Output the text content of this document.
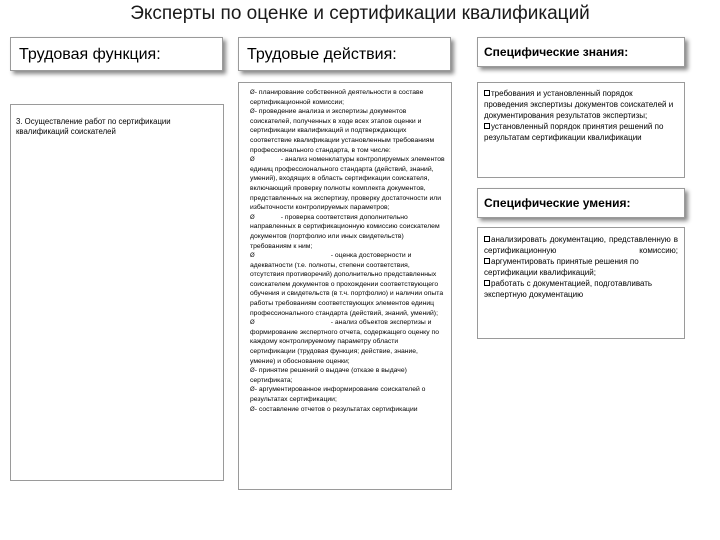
Эксперты по оценке и сертификации квалификаций
Трудовая функция:	Трудовые действия:	Специфические знания:
Специфические умения:
3. Осуществление работ по сертификации квалификаций соискателей

Ø- планирование собственной деятельности в составе сертификационной комиссии;

Ø- проведение анализа и экспертизы документов соискателей, полученных в ходе всех этапов оценки и сертификации квалификаций и подтверждающих соответствие квалификации установленным требованиям профессионального стандарта, в том числе:

Ø	- анализ номенклатуры контролируемых элементов единиц профессионального стандарта (действий, знаний, умений), входящих в область сертификации соискателя, включающий проверку полноты комплекта документов, представленных на экспертизу, проверку достаточности или избыточности контролируемых параметров;

Ø	- проверка соответствия дополнительно направленных в сертификационную комиссию соискателем документов (портфолио или иных свидетельств) требованиям к ним;

Ø	- оценка достоверности и адекватности (т.е. полноты, степени соответствия, отсутствия противоречий) дополнительно представленных соискателем документов о прохождении соответствующего обучения и свидетельств (в т.ч. портфолио) и наличии опыта работы требованиям соответствующих элементов единиц профессионального стандарта (действий, знаний, умений);

Ø	- анализ объектов экспертизы и формирование экспертного отчета, содержащего оценку по каждому контролируемому параметру области сертификации (трудовая функция; действие, знание, умение) и обоснование оценки;

Ø- принятие решений о выдаче (отказе в выдаче) сертификата;

Ø- аргументированное информирование соискателей о результатах сертификации;

Ø- составление отчетов о результатах сертификации

требования и установленный порядок проведения экспертизы документов соискателей и документирования результатов экспертизы;

установленный порядок принятия решений по результатам сертификации квалификации

анализировать документацию, представленную в сертификационную комиссию;

аргументировать принятые решения по сертификации квалификаций;

работать с документацией, подготавливать экспертную документацию
